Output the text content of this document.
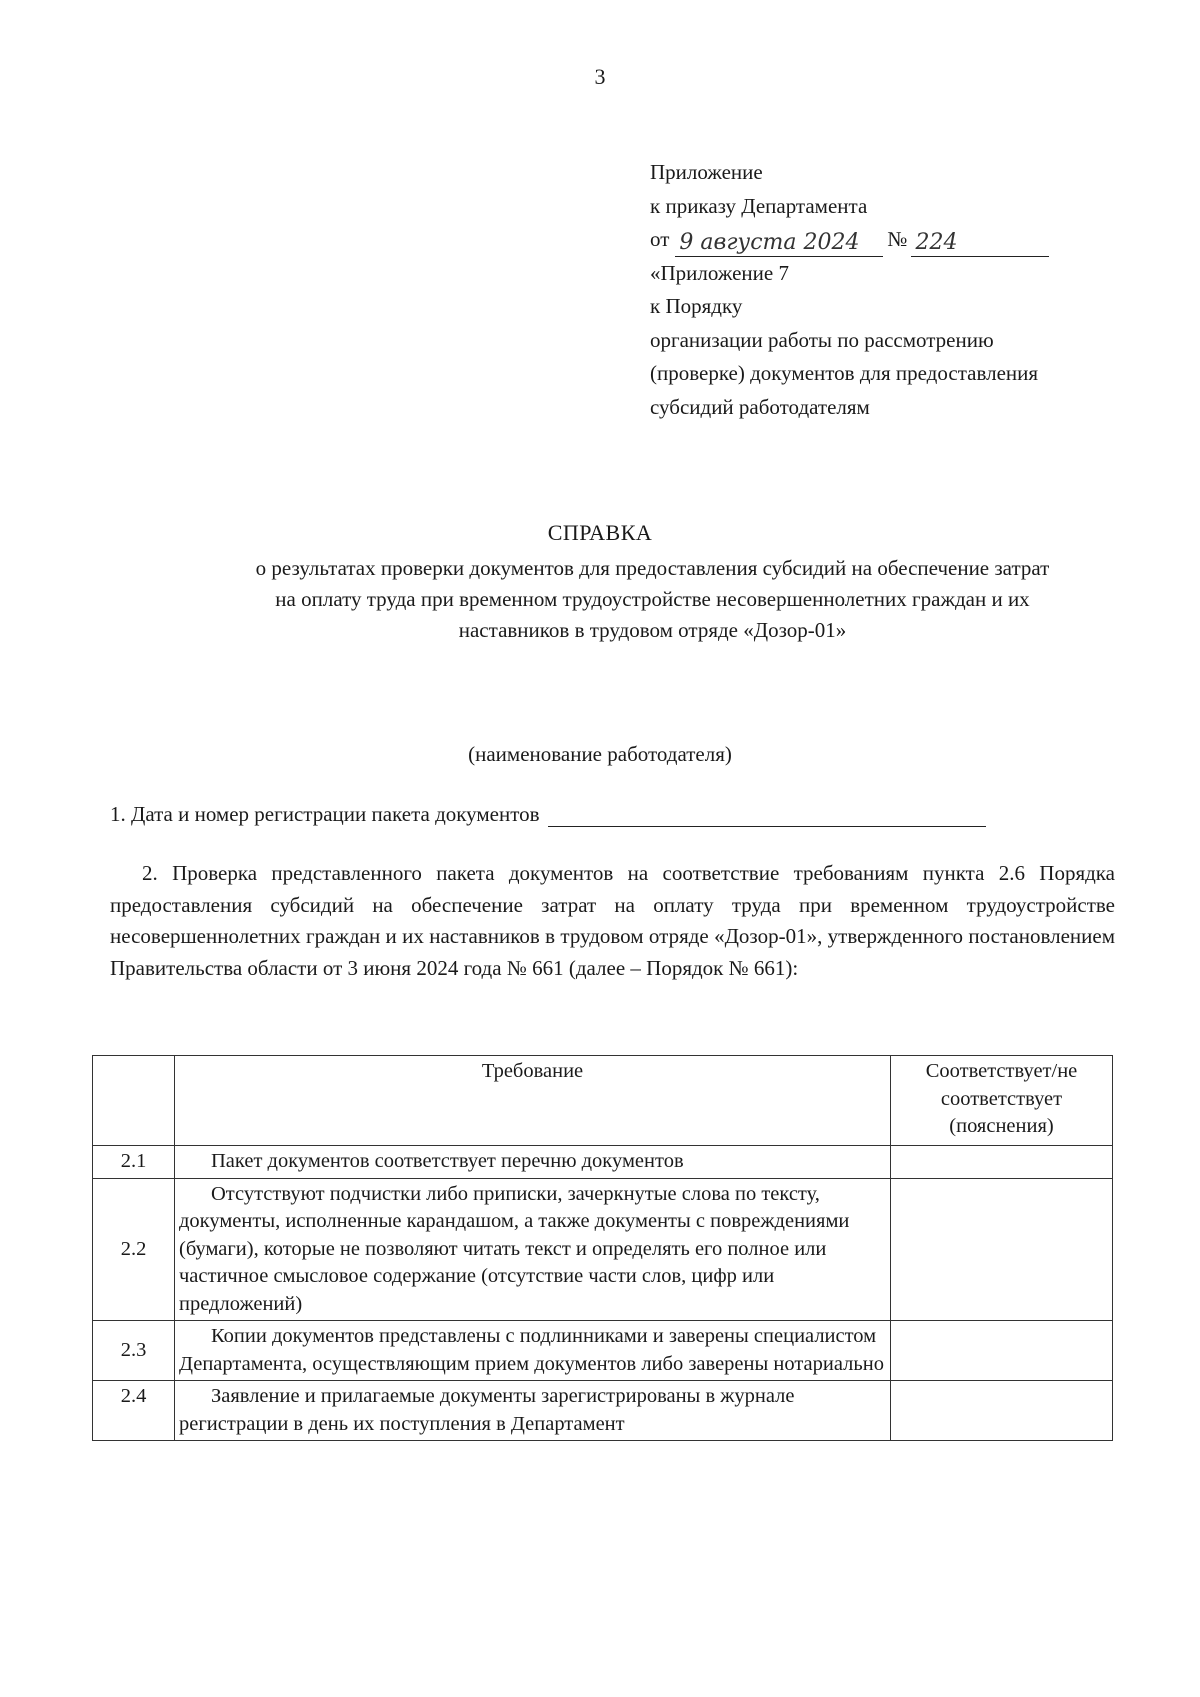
3
Приложение
к приказу Департамента
от 9 августа 2024	№ 224
«Приложение 7
к Порядку
организации работы по рассмотрению
(проверке) документов для предоставления
субсидий работодателям
СПРАВКА
о результатах проверки документов для предоставления субсидий на обеспечение затрат
на оплату труда при временном трудоустройстве несовершеннолетних граждан и их
наставников в трудовом отряде «Дозор-01»
(наименование работодателя)
1. Дата и номер регистрации пакета документов

2. Проверка представленного пакета документов на соответствие требованиям пункта 2.6 Порядка предоставления субсидий на обеспечение затрат на оплату труда при временном трудоустройстве несовершеннолетних граждан и их наставников в трудовом отряде «Дозор-01», утвержденного постановлением Правительства области от 3 июня 2024 года № 661 (далее – Порядок № 661):

	Требование	Соответствует/не соответствует (пояснения)
2.1	Пакет документов соответствует перечню документов	
2.2	Отсутствуют подчистки либо приписки, зачеркнутые слова по тексту, документы, исполненные карандашом, а также документы с повреждениями (бумаги), которые не позволяют читать текст и определять его полное или частичное смысловое содержание (отсутствие части слов, цифр или предложений)	
2.3	Копии документов представлены с подлинниками и заверены специалистом Департамента, осуществляющим прием документов либо заверены нотариально	
2.4	Заявление и прилагаемые документы зарегистрированы в журнале регистрации в день их поступления в Департамент	
